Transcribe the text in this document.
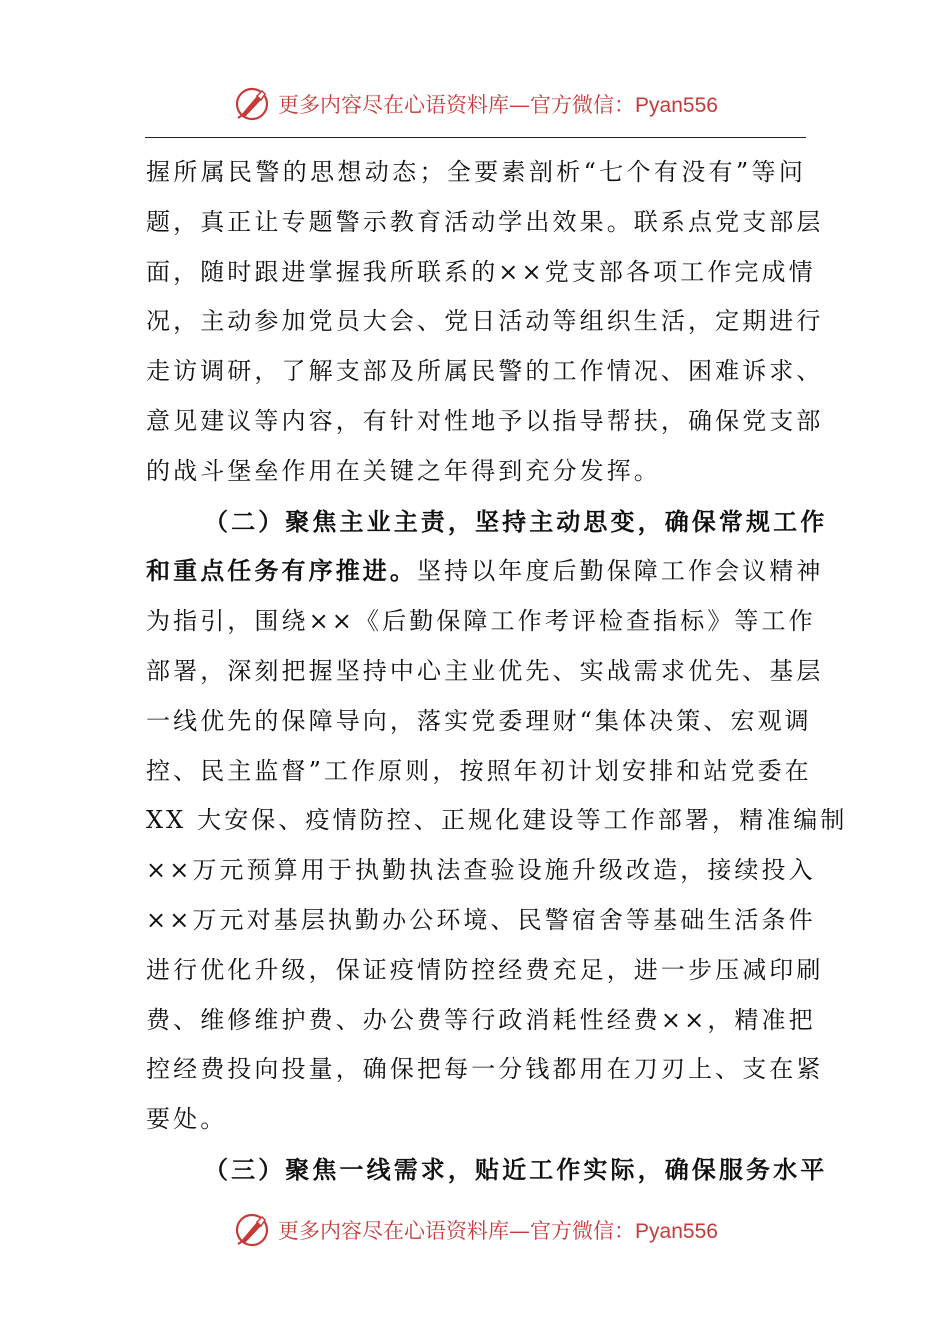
更多内容尽在心语资料库—官方微信：Pyan556
握所属民警的思想动态；全要素剖析“七个有没有”等问
题，真正让专题警示教育活动学出效果。联系点党支部层
面，随时跟进掌握我所联系的××党支部各项工作完成情
况，主动参加党员大会、党日活动等组织生活，定期进行
走访调研，了解支部及所属民警的工作情况、困难诉求、
意见建议等内容，有针对性地予以指导帮扶，确保党支部
的战斗堡垒作用在关键之年得到充分发挥。
（二）聚焦主业主责，坚持主动思变，确保常规工作
和重点任务有序推进。坚持以年度后勤保障工作会议精神
为指引，围绕××《后勤保障工作考评检查指标》等工作
部署，深刻把握坚持中心主业优先、实战需求优先、基层
一线优先的保障导向，落实党委理财“集体决策、宏观调
控、民主监督”工作原则，按照年初计划安排和站党委在
XX 大安保、疫情防控、正规化建设等工作部署，精准编制
××万元预算用于执勤执法查验设施升级改造，接续投入
××万元对基层执勤办公环境、民警宿舍等基础生活条件
进行优化升级，保证疫情防控经费充足，进一步压减印刷
费、维修维护费、办公费等行政消耗性经费××，精准把
控经费投向投量，确保把每一分钱都用在刀刃上、支在紧
要处。
（三）聚焦一线需求，贴近工作实际，确保服务水平
更多内容尽在心语资料库—官方微信：Pyan556
